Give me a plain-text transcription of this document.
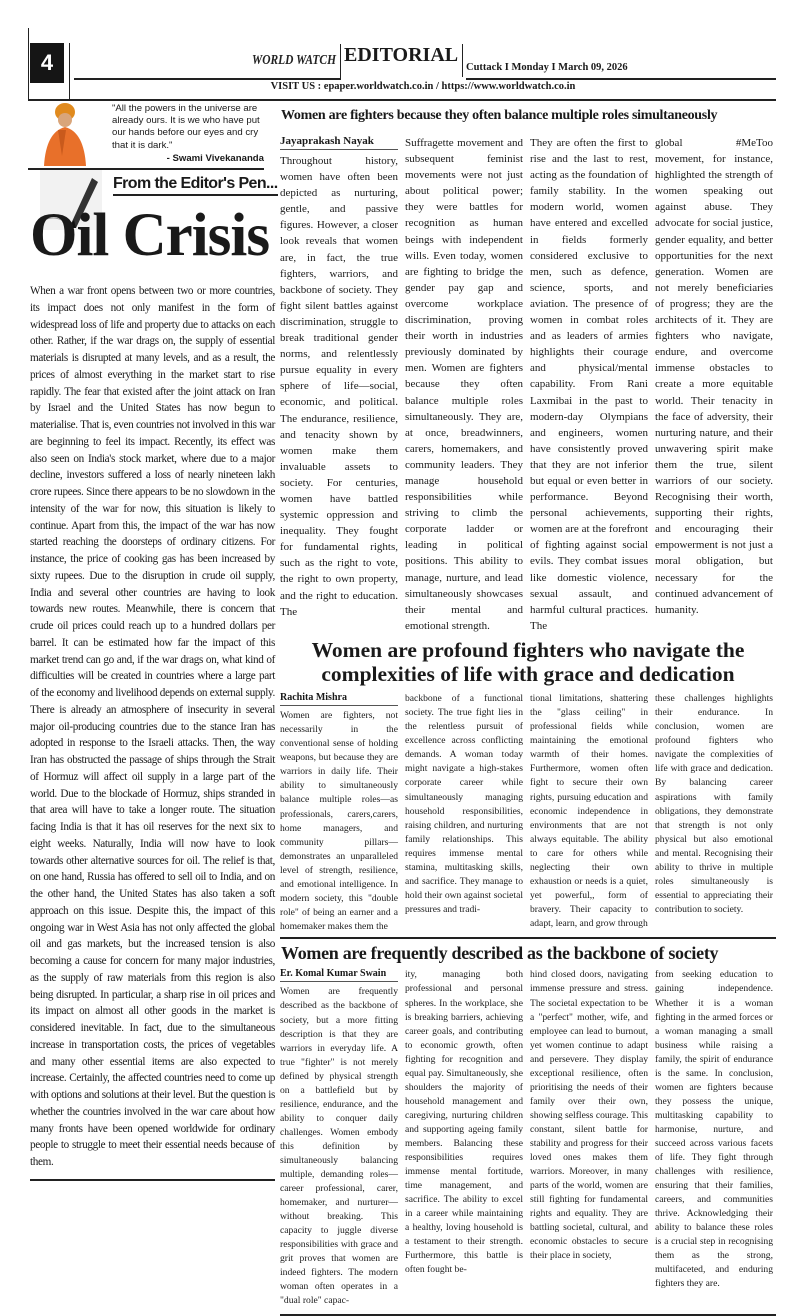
4	WORLD WATCH EDITORIAL
Cuttack I Monday I March 09, 2026
VISIT US : epaper.worldwatch.co.in / https://www.worldwatch.co.in
"All the powers in the universe are already ours. It is we who have put our hands before our eyes and cry that it is dark."
- Swami Vivekananda
From the Editor's Pen...
Oil Crisis
When a war front opens between two or more countries, its impact does not only manifest in the form of widespread loss of life and property due to attacks on each other. Rather, if the war drags on, the supply of essential materials is disrupted at many levels, and as a result, the prices of almost everything in the market start to rise rapidly. The fear that existed after the joint attack on Iran by Israel and the United States has now begun to materialise. That is, even countries not involved in this war are beginning to feel its impact. Recently, its effect was also seen on India's stock market, where due to a major decline, investors suffered a loss of nearly nineteen lakh crore rupees. Since there appears to be no slowdown in the intensity of the war for now, this situation is likely to continue. Apart from this, the impact of the war has now started reaching the doorsteps of ordinary citizens. For instance, the price of cooking gas has been increased by sixty rupees. Due to the disruption in crude oil supply, India and several other countries are having to look towards new routes. Meanwhile, there is concern that crude oil prices could reach up to a hundred dollars per barrel. It can be estimated how far the impact of this market trend can go and, if the war drags on, what kind of difficulties will be created in countries where a large part of the economy and livelihood depends on external supply. There is already an atmosphere of insecurity in several major oil-producing countries due to the stance Iran has adopted in response to the Israeli attacks. Then, the way Iran has obstructed the passage of ships through the Strait of Hormuz will affect oil supply in a large part of the world. Due to the blockade of Hormuz, ships stranded in that area will have to take a longer route. The situation facing India is that it has oil reserves for the next six to eight weeks. Naturally, India will now have to look towards other alternative sources for oil. The relief is that, on one hand, Russia has offered to sell oil to India, and on the other hand, the United States has also taken a soft approach on this issue. Despite this, the impact of this ongoing war in West Asia has not only affected the global oil and gas markets, but the increased tension is also becoming a cause for concern for many major industries, as the supply of raw materials from this region is also being disrupted. In particular, a sharp rise in oil prices and its impact on almost all other goods in the market is considered inevitable. In fact, due to the simultaneous increase in transportation costs, the prices of vegetables and many other essential items are also expected to increase. Certainly, the affected countries need to come up with options and solutions at their level. But the question is whether the countries involved in the war care about how many fronts have been opened worldwide for ordinary people to struggle to meet their essential needs because of them.
Women are fighters because they often balance multiple roles simultaneously
Jayaprakash Nayak
Throughout history, women have often been depicted as nurturing, gentle, and passive figures. However, a closer look reveals that women are, in fact, the true fighters, warriors, and backbone of society. They fight silent battles against discrimination, struggle to break traditional gender norms, and relentlessly pursue equality in every sphere of life—social, economic, and political. The endurance, resilience, and tenacity shown by women make them invaluable assets to society. For centuries, women have battled systemic oppression and inequality. They fought for fundamental rights, such as the right to vote, the right to own property, and the right to education. The
Suffragette movement and subsequent feminist movements were not just about political power; they were battles for recognition as human beings with independent wills. Even today, women are fighting to bridge the gender pay gap and overcome workplace discrimination, proving their worth in industries previously dominated by men. Women are fighters because they often balance multiple roles simultaneously. They are, at once, breadwinners, carers, homemakers, and community leaders. They manage household responsibilities while striving to climb the corporate ladder or leading in political positions. This ability to manage, nurture, and lead simultaneously showcases their mental and emotional strength.
They are often the first to rise and the last to rest, acting as the foundation of family stability. In the modern world, women have entered and excelled in fields formerly considered exclusive to men, such as defence, science, sports, and aviation. The presence of women in combat roles and as leaders of armies highlights their courage and physical/mental capability. From Rani Laxmibai in the past to modern-day Olympians and engineers, women have consistently proved that they are not inferior but equal or even better in performance. Beyond personal achievements, women are at the forefront of fighting against social evils. They combat issues like domestic violence, sexual assault, and harmful cultural practices. The
global #MeToo movement, for instance, highlighted the strength of women speaking out against abuse. They advocate for social justice, gender equality, and better opportunities for the next generation. Women are not merely beneficiaries of progress; they are the architects of it. They are fighters who navigate, endure, and overcome immense obstacles to create a more equitable world. Their tenacity in the face of adversity, their nurturing nature, and their unwavering spirit make them the true, silent warriors of our society. Recognising their worth, supporting their rights, and encouraging their empowerment is not just a moral obligation, but necessary for the continued advancement of humanity.
Women are profound fighters who navigate the complexities of life with grace and dedication
Rachita Mishra
Women are fighters, not necessarily in the conventional sense of holding weapons, but because they are warriors in daily life. Their ability to simultaneously balance multiple roles—as professionals, carers,carers, home managers, and community pillars—demonstrates an unparalleled level of strength, resilience, and emotional intelligence. In modern society, this "double role" of being an earner and a homemaker makes them the
backbone of a functional society. The true fight lies in the relentless pursuit of excellence across conflicting demands. A woman today might navigate a high-stakes corporate career while simultaneously managing household responsibilities, raising children, and nurturing family relationships. This requires immense mental stamina, multitasking skills, and sacrifice. They manage to hold their own against societal pressures and tradi-
tional limitations, shattering the "glass ceiling" in professional fields while maintaining the emotional warmth of their homes. Furthermore, women often fight to secure their own rights, pursuing education and economic independence in environments that are not always equitable. The ability to care for others while neglecting their own exhaustion or needs is a quiet, yet powerful,, form of bravery. Their capacity to adapt, learn, and grow through
these challenges highlights their endurance. In conclusion, women are profound fighters who navigate the complexities of life with grace and dedication. By balancing career aspirations with family obligations, they demonstrate that strength is not only physical but also emotional and mental. Recognising their ability to thrive in multiple roles simultaneously is essential to appreciating their contribution to society.
Women are frequently described as the backbone of society
Er. Komal Kumar Swain
Women are frequently described as the backbone of society, but a more fitting description is that they are warriors in everyday life. A true "fighter" is not merely defined by physical strength on a battlefield but by resilience, endurance, and the ability to conquer daily challenges. Women embody this definition by simultaneously balancing multiple, demanding roles—career professional, carer, homemaker, and nurturer—without breaking. This capacity to juggle diverse responsibilities with grace and grit proves that women are indeed fighters. The modern woman often operates in a "dual role" capac-
ity, managing both professional and personal spheres. In the workplace, she is breaking barriers, achieving career goals, and contributing to economic growth, often fighting for recognition and equal pay. Simultaneously, she shoulders the majority of household management and caregiving, nurturing children and supporting ageing family members. Balancing these responsibilities requires immense mental fortitude, time management, and sacrifice. The ability to excel in a career while maintaining a healthy, loving household is a testament to their strength. Furthermore, this battle is often fought be-
hind closed doors, navigating immense pressure and stress. The societal expectation to be a "perfect" mother, wife, and employee can lead to burnout, yet women continue to adapt and persevere. They display exceptional resilience, often prioritising the needs of their family over their own, showing selfless courage. This constant, silent battle for stability and progress for their loved ones makes them warriors. Moreover, in many parts of the world, women are still fighting for fundamental rights and equality. They are battling societal, cultural, and economic obstacles to secure their place in society,
from seeking education to gaining independence. Whether it is a woman fighting in the armed forces or a woman managing a small business while raising a family, the spirit of endurance is the same. In conclusion, women are fighters because they possess the unique, multitasking capability to harmonise, nurture, and succeed across various facets of life. They fight through challenges with resilience, ensuring that their families, careers, and communities thrive. Acknowledging their ability to balance these roles is a crucial step in recognising them as the strong, multifaceted, and enduring fighters they are.
